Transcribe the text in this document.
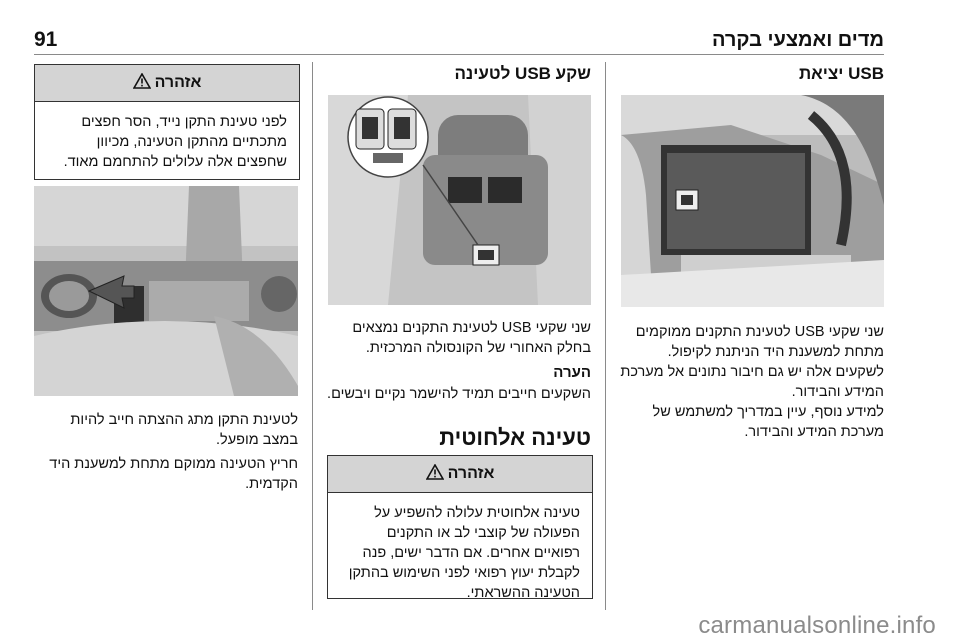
91	מדים ואמצעי בקרה
USB יציאת
שני שקעי USB לטעינת התקנים ממוקמים מתחת למשענת היד הניתנת לקיפול. לשקעים אלה יש גם חיבור נתונים אל מערכת המידע והבידור.
למידע נוסף, עיין במדריך למשתמש של מערכת המידע והבידור.
שקע USB לטעינה
שני שקעי USB לטעינת התקנים נמצאים בחלק האחורי של הקונסולה המרכזית.
הערה
השקעים חייבים תמיד להישמר נקיים ויבשים.
טעינה אלחוטית
אזהרה
טעינה אלחוטית עלולה להשפיע על הפעולה של קוצבי לב או התקנים רפואיים אחרים. אם הדבר ישים, פנה לקבלת יעוץ רפואי לפני השימוש בהתקן הטעינה ההשראתי.
אזהרה
לפני טעינת התקן נייד, הסר חפצים מתכתיים מהתקן הטעינה, מכיוון שחפצים אלה עלולים להתחמם מאוד.
לטעינת התקן מתג ההצתה חייב להיות במצב מופעל.
חריץ הטעינה ממוקם מתחת למשענת היד הקדמית.
carmanualsonline.info
